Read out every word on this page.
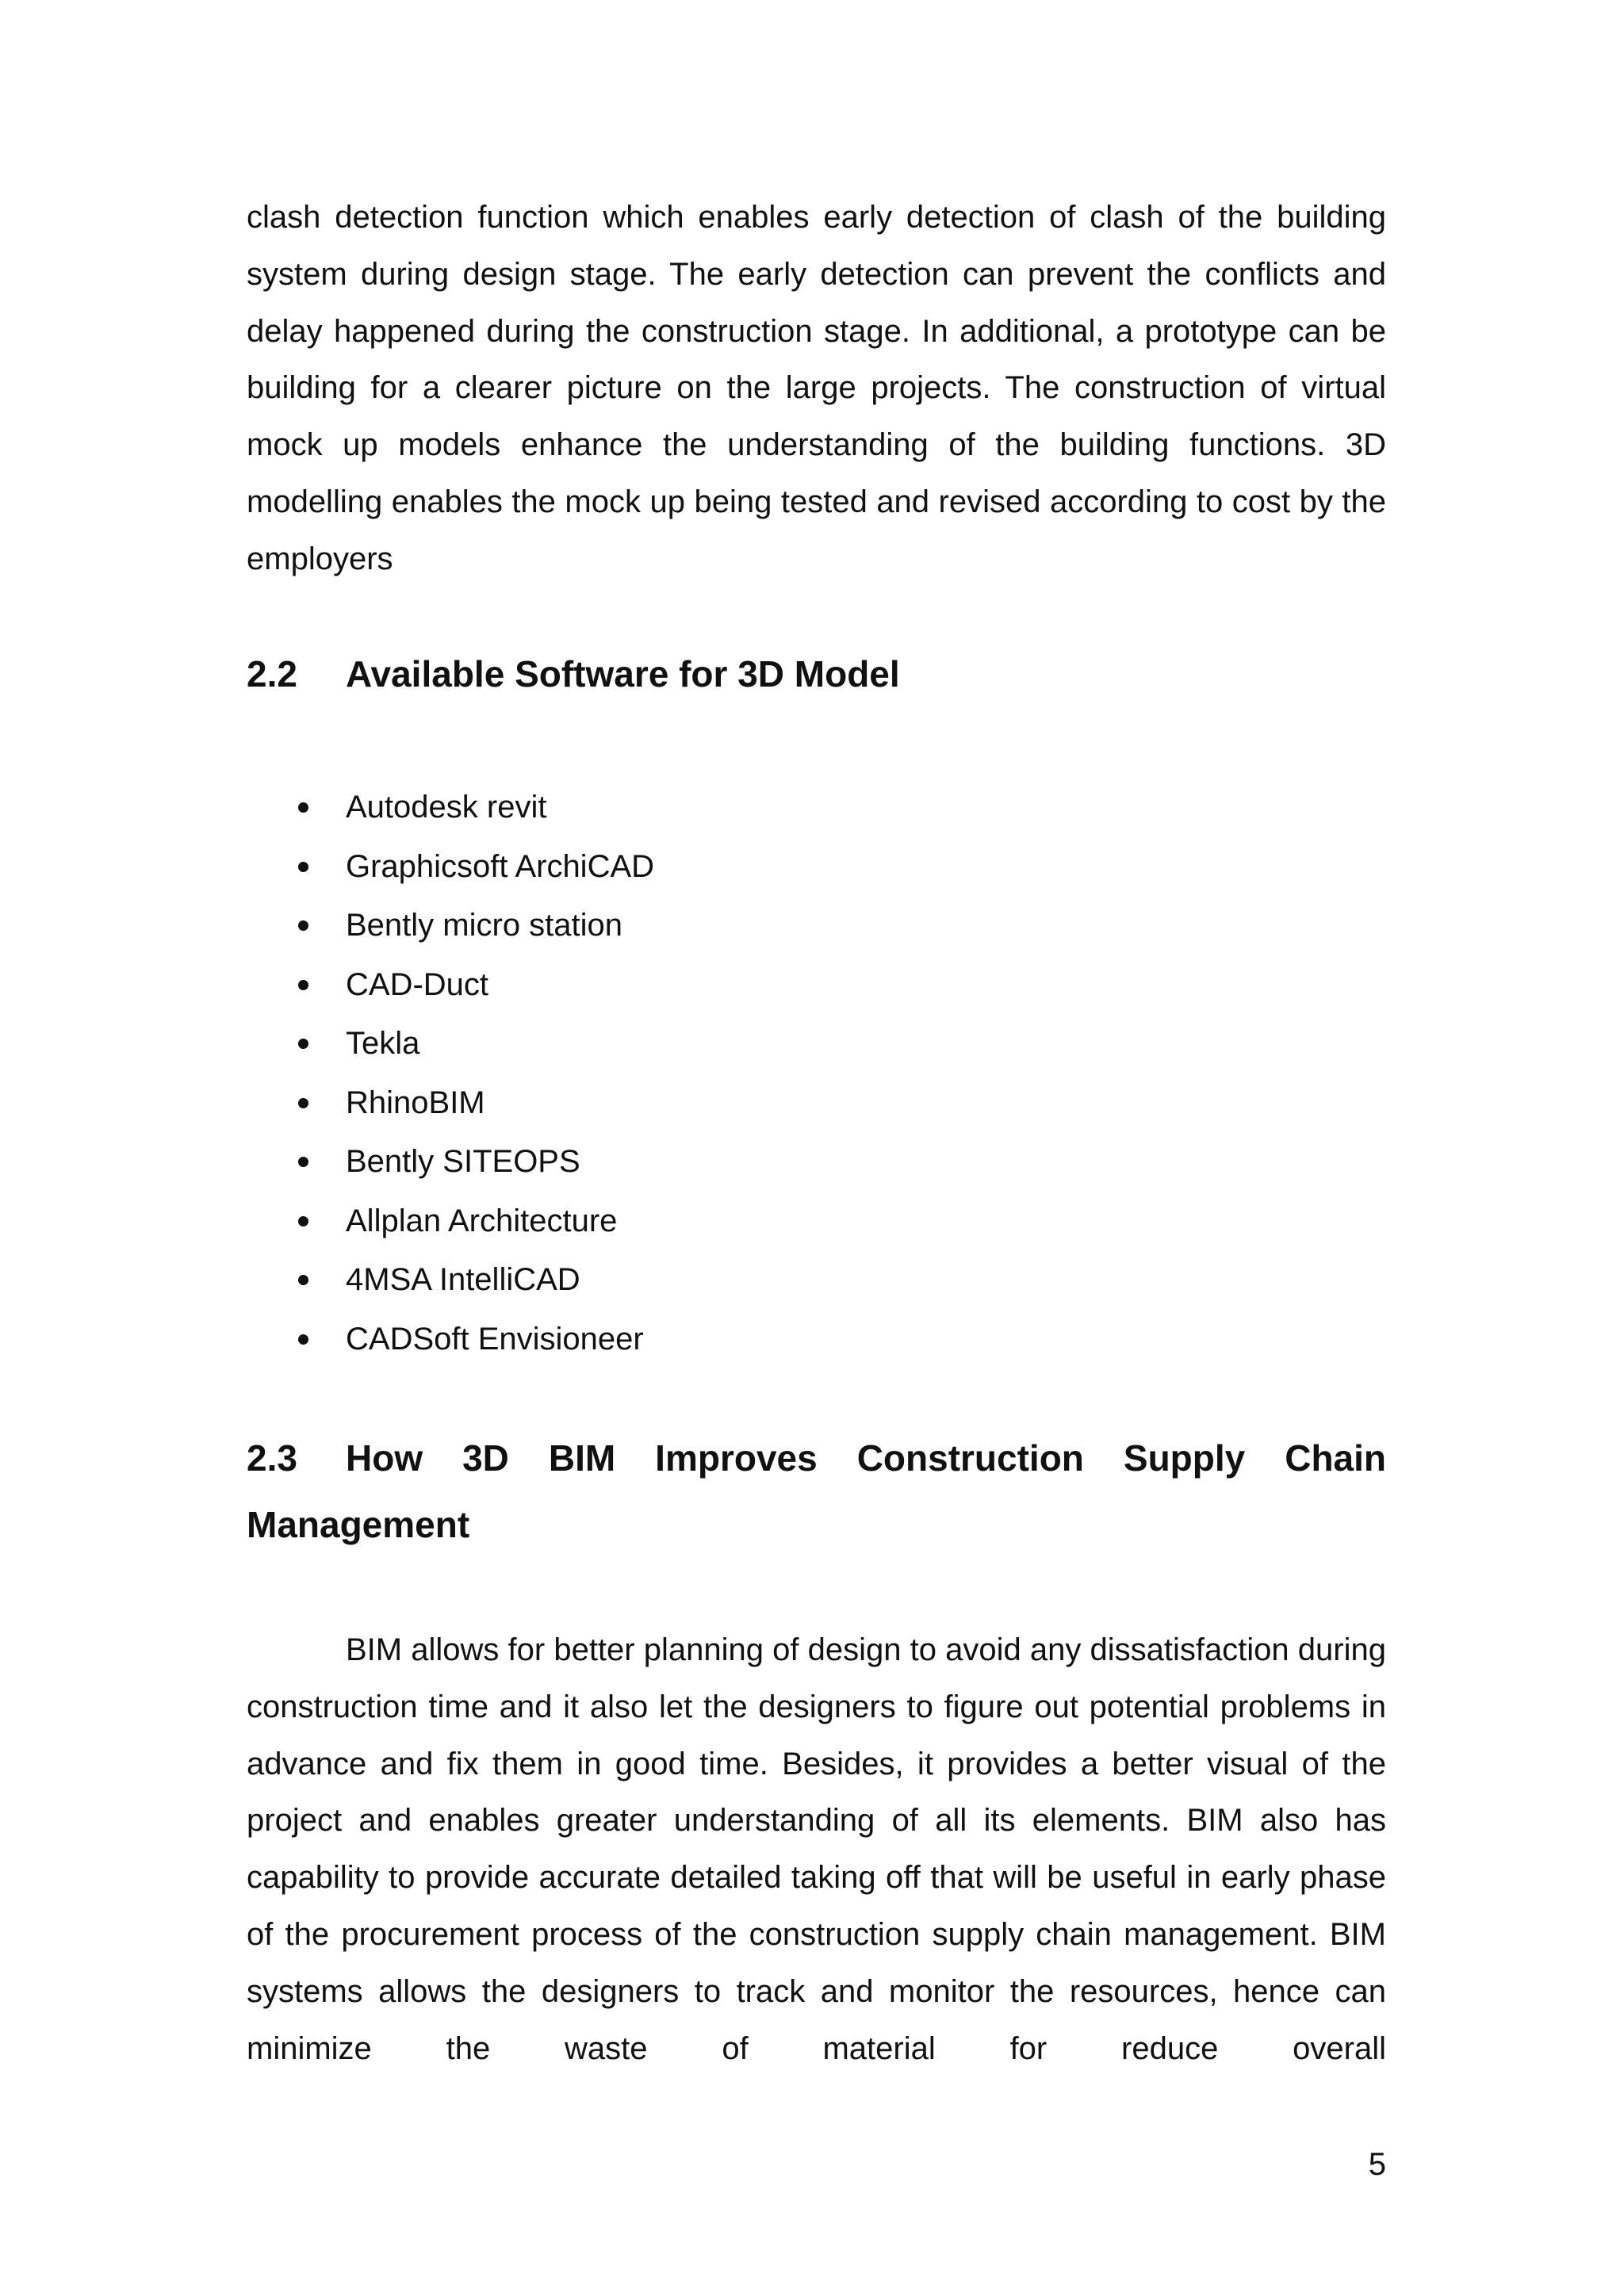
clash detection function which enables early detection of clash of the building system during design stage. The early detection can prevent the conflicts and delay happened during the construction stage. In additional, a prototype can be building for a clearer picture on the large projects. The construction of virtual mock up models enhance the understanding of the building functions. 3D modelling enables the mock up being tested and revised according to cost by the employers

2.2	Available Software for 3D Model
Autodesk revit
Graphicsoft ArchiCAD
Bently micro station
CAD-Duct
Tekla
RhinoBIM
Bently SITEOPS
Allplan Architecture
4MSA IntelliCAD
CADSoft Envisioneer
2.3 How 3D BIM Improves Construction Supply Chain Management

BIM allows for better planning of design to avoid any dissatisfaction during construction time and it also let the designers to figure out potential problems in advance and fix them in good time. Besides, it provides a better visual of the project and enables greater understanding of all its elements. BIM also has capability to provide accurate detailed taking off that will be useful in early phase of the procurement process of the construction supply chain management. BIM systems allows the designers to track and monitor the resources, hence can minimize the waste of material for reduce overall

5
